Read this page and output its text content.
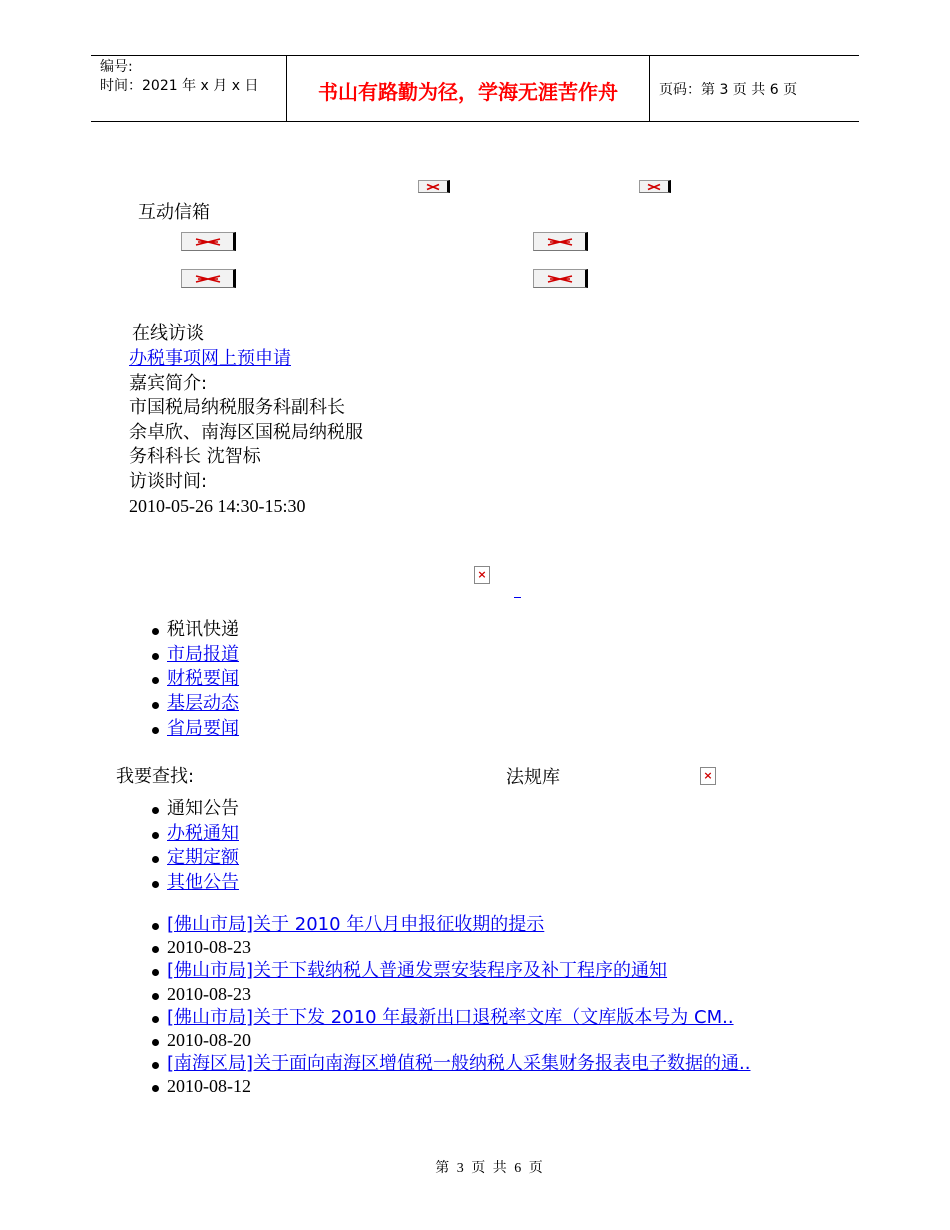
编号:
时间：2021 年 x 月 x 日	书山有路勤为径，学海无涯苦作舟	页码：第 3 页 共 6 页
互动信箱
在线访谈
办税事项网上预申请
嘉宾简介:
市国税局纳税服务科副科长
余卓欣、南海区国税局纳税服
务科科长 沈智标
访谈时间:
2010-05-26 14:30-15:30
×
税讯快递
市局报道
财税要闻
基层动态
省局要闻
我要查找:	法规库	×
通知公告
办税通知
定期定额
其他公告
[佛山市局]关于 2010 年八月申报征收期的提示
2010-08-23
[佛山市局]关于下载纳税人普通发票安装程序及补丁程序的通知
2010-08-23
[佛山市局]关于下发 2010 年最新出口退税率文库（文库版本号为 CM..
2010-08-20
[南海区局]关于面向南海区增值税一般纳税人采集财务报表电子数据的通..
2010-08-12
第 3 页 共 6 页
